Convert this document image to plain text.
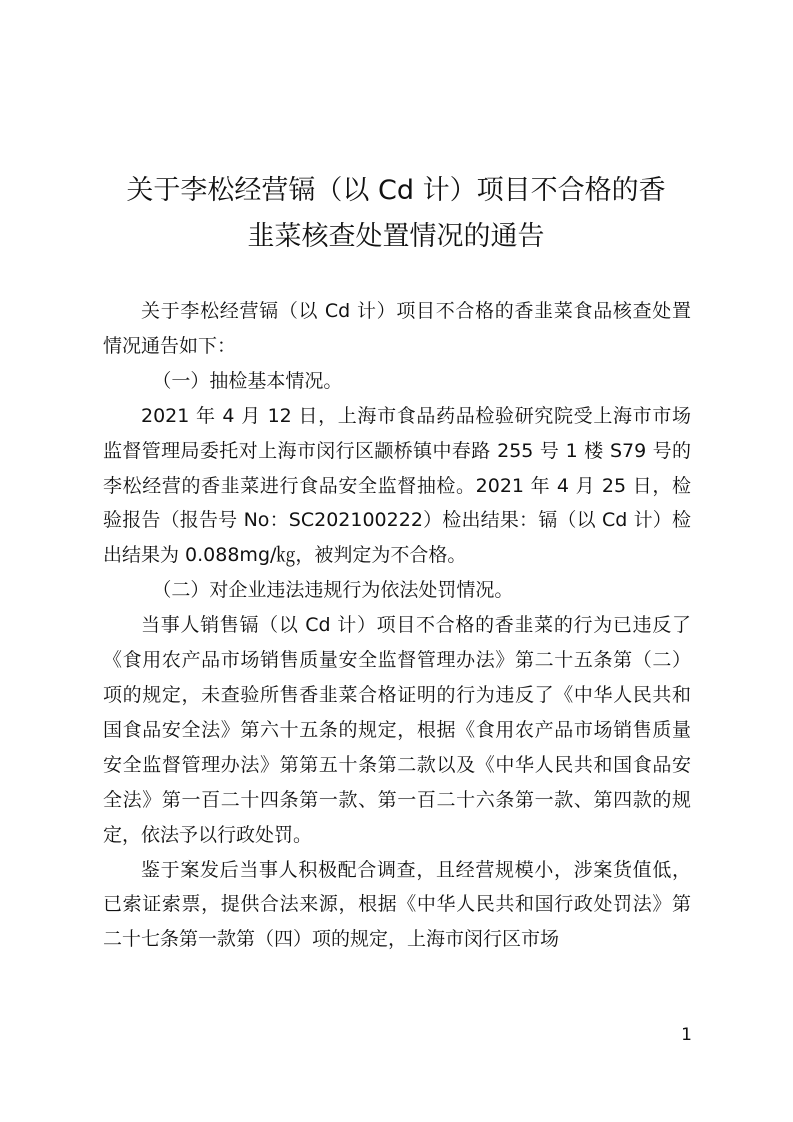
关于李松经营镉（以 Cd 计）项目不合格的香
韭菜核查处置情况的通告

关于李松经营镉（以 Cd 计）项目不合格的香韭菜食品核查处置情况通告如下：

（一）抽检基本情况。

2021 年 4 月 12 日，上海市食品药品检验研究院受上海市市场监督管理局委托对上海市闵行区颛桥镇中春路 255 号 1 楼 S79 号的李松经营的香韭菜进行食品安全监督抽检。2021 年 4 月 25 日，检验报告（报告号 No：SC202100222）检出结果：镉（以 Cd 计）检出结果为 0.088mg/㎏，被判定为不合格。

（二）对企业违法违规行为依法处罚情况。

当事人销售镉（以 Cd 计）项目不合格的香韭菜的行为已违反了《食用农产品市场销售质量安全监督管理办法》第二十五条第（二）项的规定，未查验所售香韭菜合格证明的行为违反了《中华人民共和国食品安全法》第六十五条的规定，根据《食用农产品市场销售质量安全监督管理办法》第第五十条第二款以及《中华人民共和国食品安全法》第一百二十四条第一款、第一百二十六条第一款、第四款的规定，依法予以行政处罚。

鉴于案发后当事人积极配合调查，且经营规模小，涉案货值低，已索证索票，提供合法来源，根据《中华人民共和国行政处罚法》第二十七条第一款第（四）项的规定，上海市闵行区市场

1
